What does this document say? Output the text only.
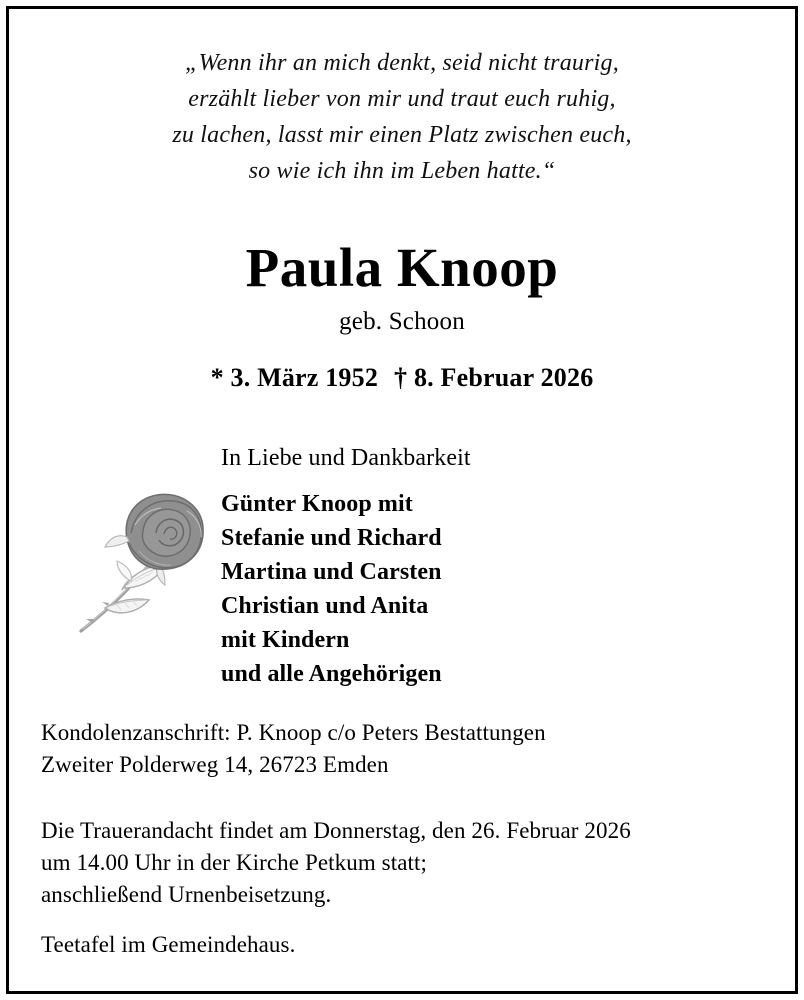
„Wenn ihr an mich denkt, seid nicht traurig,
erzählt lieber von mir und traut euch ruhig,
zu lachen, lasst mir einen Platz zwischen euch,
so wie ich ihn im Leben hatte.“
Paula Knoop
geb. Schoon
* 3. März 1952 † 8. Februar 2026
In Liebe und Dankbarkeit
Günter Knoop mit
Stefanie und Richard
Martina und Carsten
Christian und Anita
mit Kindern
und alle Angehörigen
Kondolenzanschrift: P. Knoop c/o Peters Bestattungen
Zweiter Polderweg 14, 26723 Emden
Die Trauerandacht findet am Donnerstag, den 26. Februar 2026
um 14.00 Uhr in der Kirche Petkum statt;
anschließend Urnenbeisetzung.
Teetafel im Gemeindehaus.
